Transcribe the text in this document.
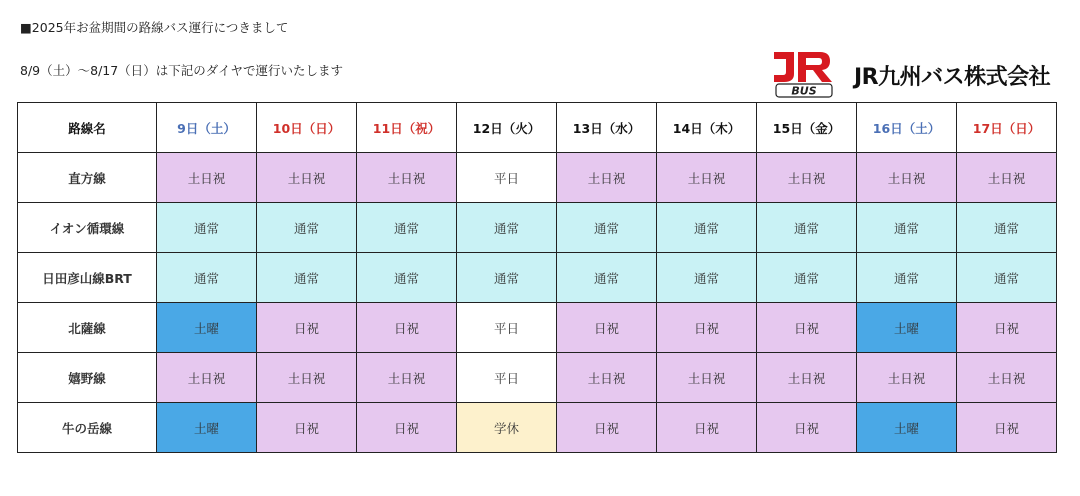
■2025年お盆期間の路線バス運行につきまして
8/9（土）～8/17（日）は下記のダイヤで運行いたします
BUS
JR九州バス株式会社
路線名	9日（土）	10日（日）	11日（祝）	12日（火）	13日（水）	14日（木）	15日（金）	16日（土）	17日（日）
直方線	土日祝	土日祝	土日祝	平日	土日祝	土日祝	土日祝	土日祝	土日祝
イオン循環線	通常	通常	通常	通常	通常	通常	通常	通常	通常
日田彦山線BRT	通常	通常	通常	通常	通常	通常	通常	通常	通常
北薩線	土曜	日祝	日祝	平日	日祝	日祝	日祝	土曜	日祝
嬉野線	土日祝	土日祝	土日祝	平日	土日祝	土日祝	土日祝	土日祝	土日祝
牛の岳線	土曜	日祝	日祝	学休	日祝	日祝	日祝	土曜	日祝
